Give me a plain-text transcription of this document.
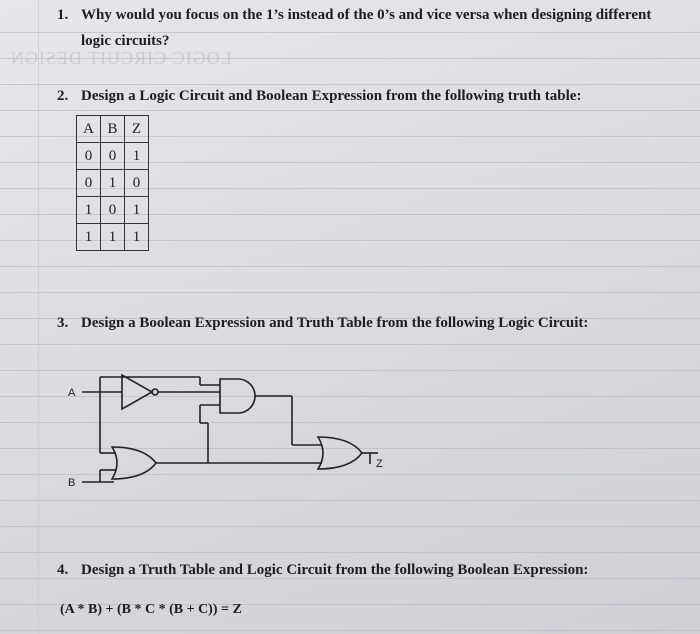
LOGIC CIRCUIT DESIGN
1. Why would you focus on the 1’s instead of the 0’s and vice versa when designing different
logic circuits?
2. Design a Logic Circuit and Boolean Expression from the following truth table:
A	B	Z
0	0	1
0	1	0
1	0	1
1	1	1
3. Design a Boolean Expression and Truth Table from the following Logic Circuit:
A
B
Z
4. Design a Truth Table and Logic Circuit from the following Boolean Expression:
(A * B) + (B * C * (B + C)) = Z
